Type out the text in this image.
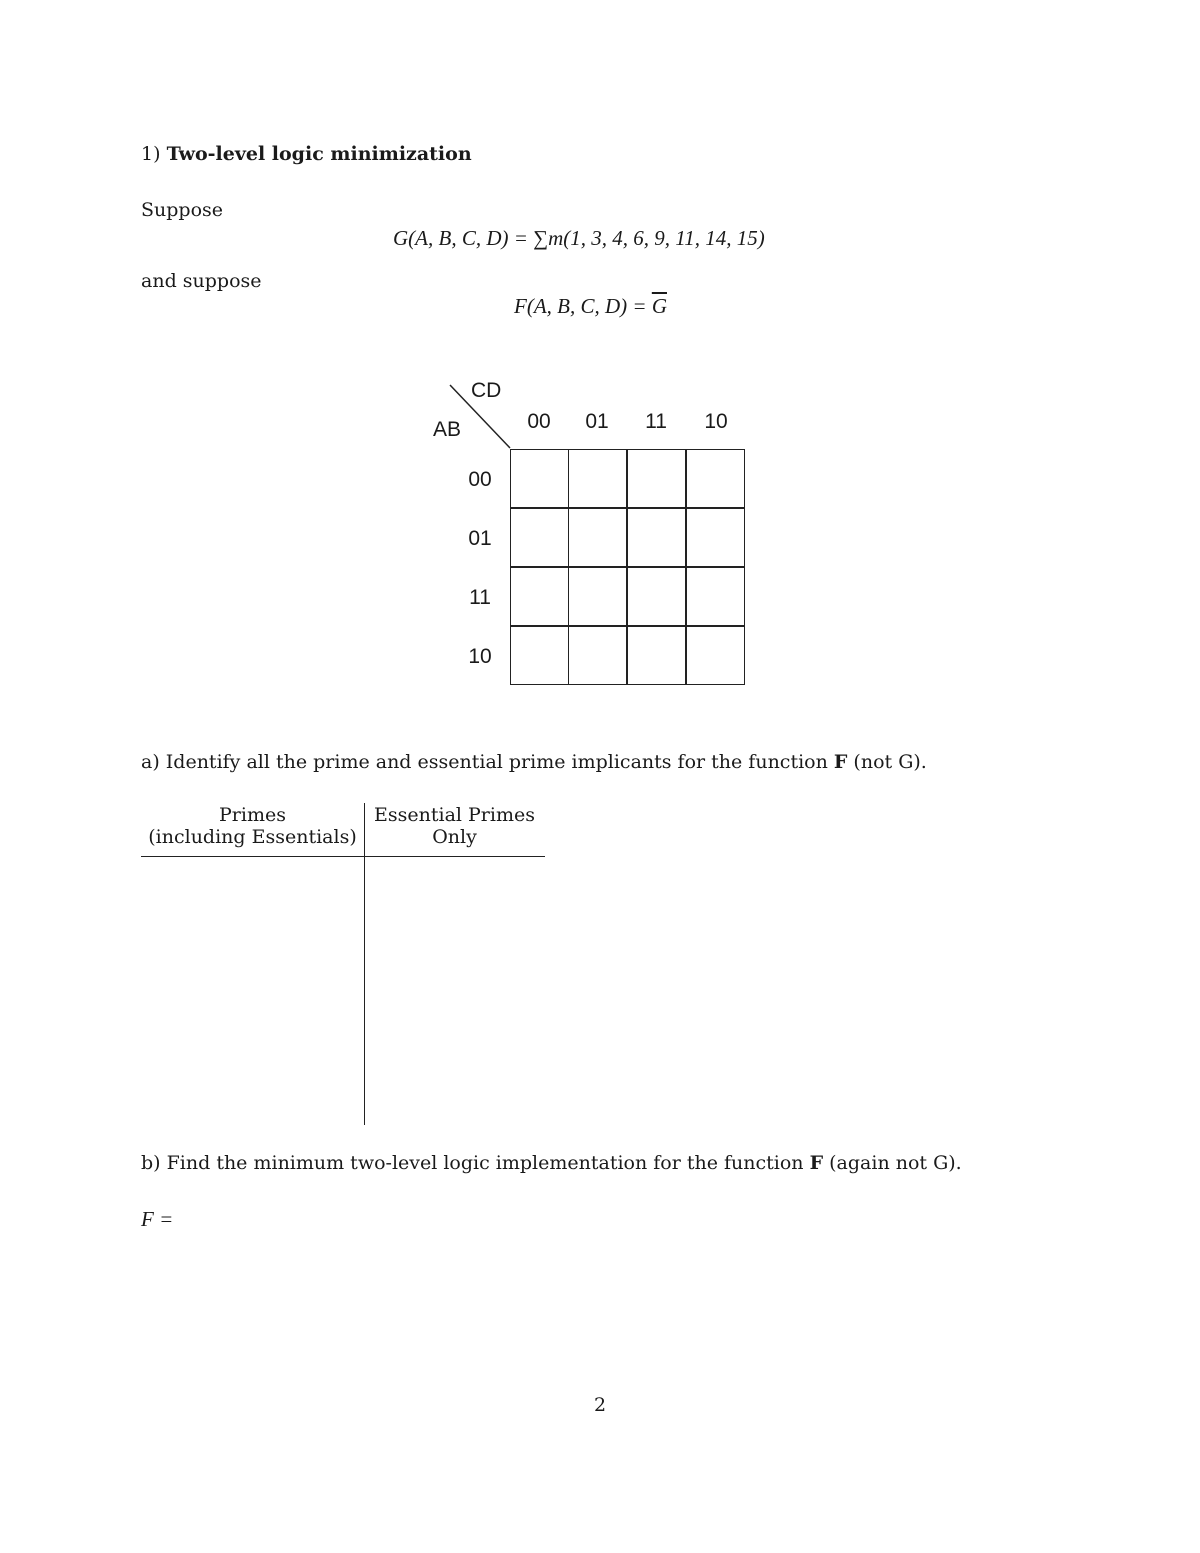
1) Two-level logic minimization
Suppose
G(A, B, C, D) = ∑m(1, 3, 4, 6, 9, 11, 14, 15)
and suppose
F(A, B, C, $D) = \overline{G}$
CD
AB	00	01	11	10
00
01
11
10
a) Identify all the prime and essential prime implicants for the function F (not G).
Primes
(including Essentials)
Essential Primes
Only
b) Find the minimum two-level logic implementation for the function F (again not G).
F =
2
